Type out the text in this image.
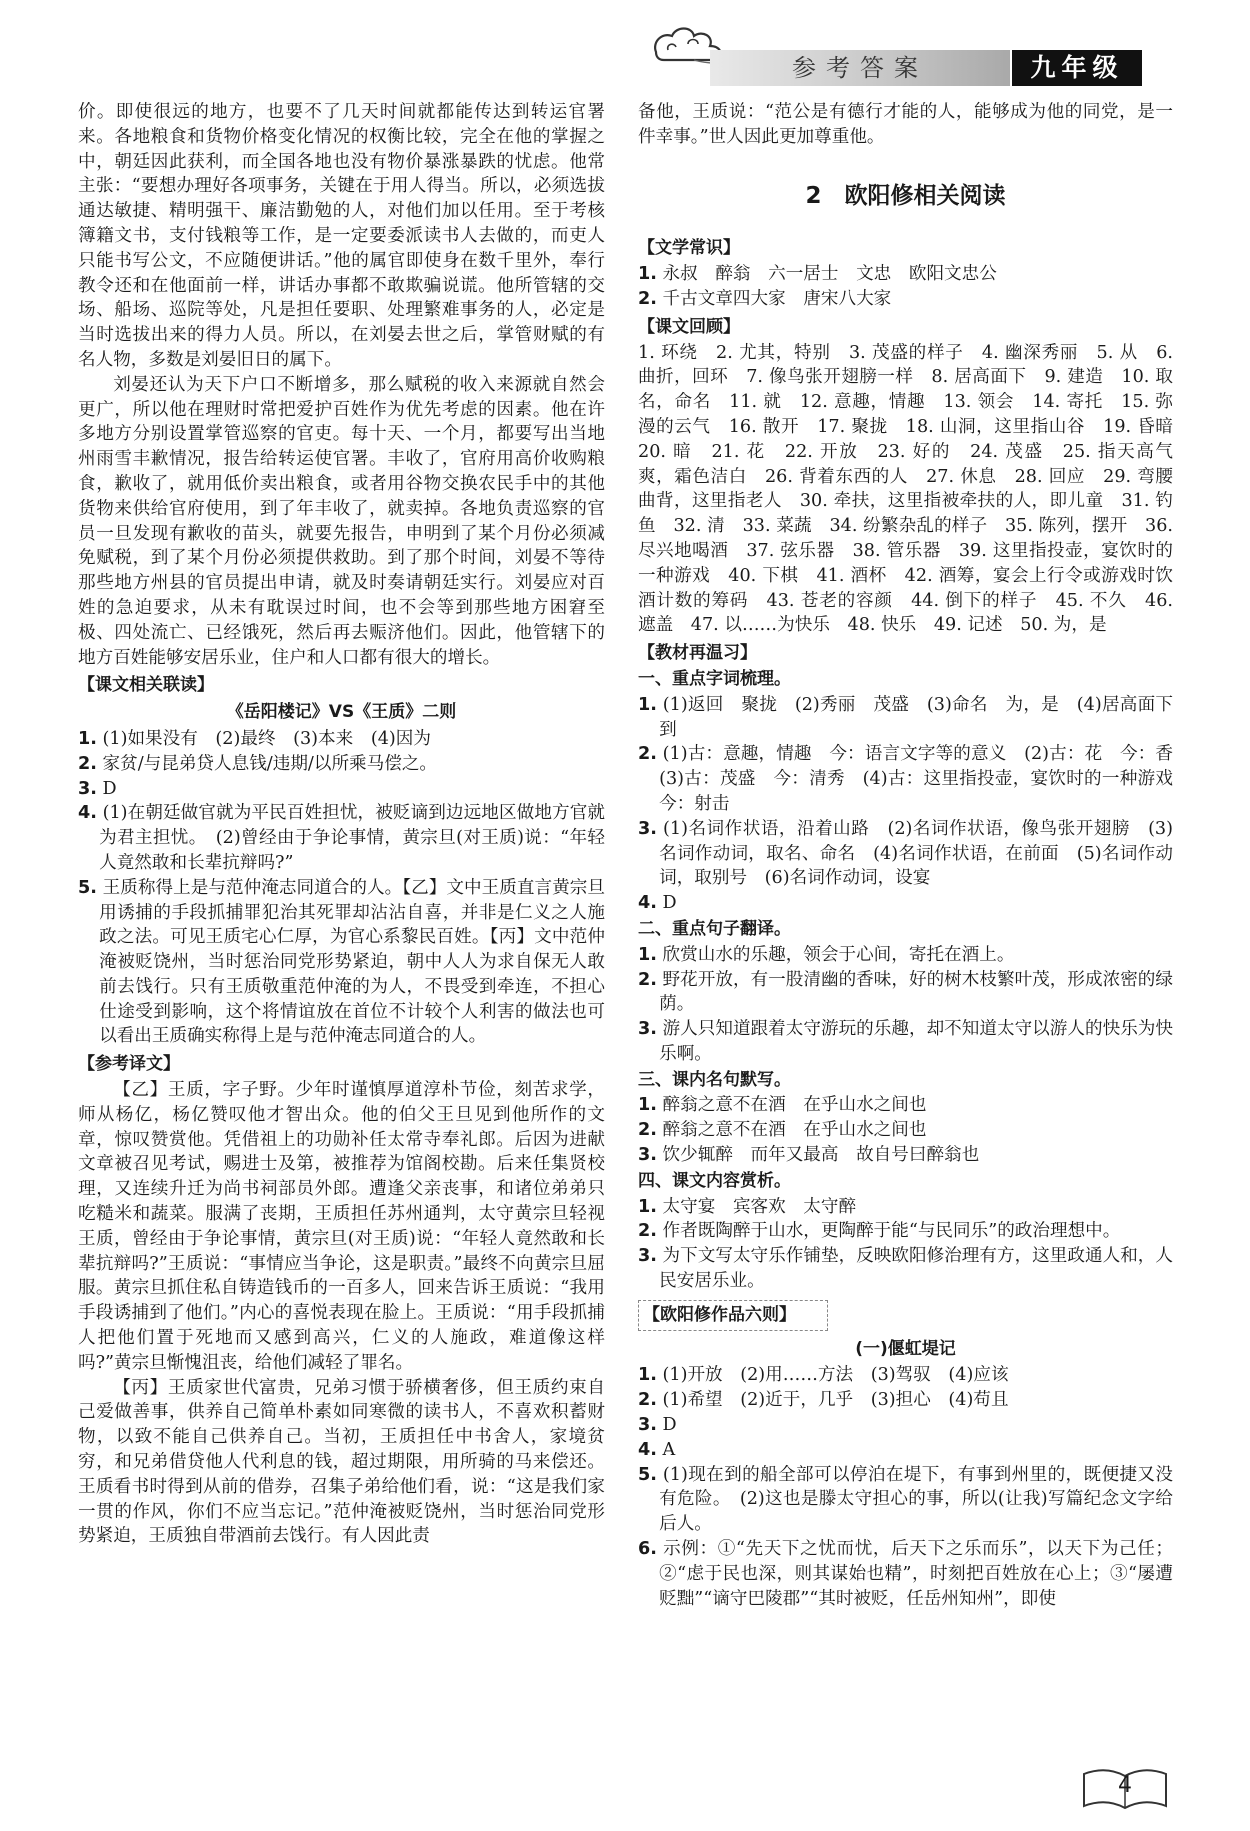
参考答案	九年级

价。即使很远的地方，也要不了几天时间就都能传达到转运官署来。各地粮食和货物价格变化情况的权衡比较，完全在他的掌握之中，朝廷因此获利，而全国各地也没有物价暴涨暴跌的忧虑。他常主张：“要想办理好各项事务，关键在于用人得当。所以，必须选拔通达敏捷、精明强干、廉洁勤勉的人，对他们加以任用。至于考核簿籍文书，支付钱粮等工作，是一定要委派读书人去做的，而吏人只能书写公文，不应随便讲话。”他的属官即使身在数千里外，奉行教令还和在他面前一样，讲话办事都不敢欺骗说谎。他所管辖的交场、船场、巡院等处，凡是担任要职、处理繁难事务的人，必定是当时选拔出来的得力人员。所以，在刘晏去世之后，掌管财赋的有名人物，多数是刘晏旧日的属下。

刘晏还认为天下户口不断增多，那么赋税的收入来源就自然会更广，所以他在理财时常把爱护百姓作为优先考虑的因素。他在许多地方分别设置掌管巡察的官吏。每十天、一个月，都要写出当地州雨雪丰歉情况，报告给转运使官署。丰收了，官府用高价收购粮食，歉收了，就用低价卖出粮食，或者用谷物交换农民手中的其他货物来供给官府使用，到了年丰收了，就卖掉。各地负责巡察的官员一旦发现有歉收的苗头，就要先报告，申明到了某个月份必须减免赋税，到了某个月份必须提供救助。到了那个时间，刘晏不等待那些地方州县的官员提出申请，就及时奏请朝廷实行。刘晏应对百姓的急迫要求，从未有耽误过时间，也不会等到那些地方困窘至极、四处流亡、已经饿死，然后再去赈济他们。因此，他管辖下的地方百姓能够安居乐业，住户和人口都有很大的增长。

【课文相关联读】
《岳阳楼记》VS《王质》二则

1. (1)如果没有　(2)最终　(3)本来　(4)因为

2. 家贫/与昆弟贷人息钱/违期/以所乘马偿之。

3. D

4. (1)在朝廷做官就为平民百姓担忧，被贬谪到边远地区做地方官就为君主担忧。　(2)曾经由于争论事情，黄宗旦(对王质)说：“年轻人竟然敢和长辈抗辩吗?”

5. 王质称得上是与范仲淹志同道合的人。【乙】文中王质直言黄宗旦用诱捕的手段抓捕罪犯治其死罪却沾沾自喜，并非是仁义之人施政之法。可见王质宅心仁厚，为官心系黎民百姓。【丙】文中范仲淹被贬饶州，当时惩治同党形势紧迫，朝中人人为求自保无人敢前去饯行。只有王质敬重范仲淹的为人，不畏受到牵连，不担心仕途受到影响，这个将情谊放在首位不计较个人利害的做法也可以看出王质确实称得上是与范仲淹志同道合的人。

【参考译文】

【乙】王质，字子野。少年时谨慎厚道淳朴节俭，刻苦求学，师从杨亿，杨亿赞叹他才智出众。他的伯父王旦见到他所作的文章，惊叹赞赏他。凭借祖上的功勋补任太常寺奉礼郎。后因为进献文章被召见考试，赐进士及第，被推荐为馆阁校勘。后来任集贤校理，又连续升迁为尚书祠部员外郎。遭逢父亲丧事，和诸位弟弟只吃糙米和蔬菜。服满了丧期，王质担任苏州通判，太守黄宗旦轻视王质，曾经由于争论事情，黄宗旦(对王质)说：“年轻人竟然敢和长辈抗辩吗?”王质说：“事情应当争论，这是职责。”最终不向黄宗旦屈服。黄宗旦抓住私自铸造钱币的一百多人，回来告诉王质说：“我用手段诱捕到了他们。”内心的喜悦表现在脸上。王质说：“用手段抓捕人把他们置于死地而又感到高兴，仁义的人施政，难道像这样吗?”黄宗旦惭愧沮丧，给他们减轻了罪名。

【丙】王质家世代富贵，兄弟习惯于骄横奢侈，但王质约束自己爱做善事，供养自己简单朴素如同寒微的读书人，不喜欢积蓄财物，以致不能自己供养自己。当初，王质担任中书舍人，家境贫穷，和兄弟借贷他人代利息的钱，超过期限，用所骑的马来偿还。王质看书时得到从前的借券，召集子弟给他们看，说：“这是我们家一贯的作风，你们不应当忘记。”范仲淹被贬饶州，当时惩治同党形势紧迫，王质独自带酒前去饯行。有人因此责

备他，王质说：“范公是有德行才能的人，能够成为他的同党，是一件幸事。”世人因此更加尊重他。

2　欧阳修相关阅读
【文学常识】

1. 永叔　醉翁　六一居士　文忠　欧阳文忠公

2. 千古文章四大家　唐宋八大家

【课文回顾】

1. 环绕　2. 尤其，特别　3. 茂盛的样子　4. 幽深秀丽　5. 从　6. 曲折，回环　7. 像鸟张开翅膀一样　8. 居高面下　9. 建造　10. 取名，命名　11. 就　12. 意趣，情趣　13. 领会　14. 寄托　15. 弥漫的云气　16. 散开　17. 聚拢　18. 山洞，这里指山谷　19. 昏暗　20. 暗　21. 花　22. 开放　23. 好的　24. 茂盛　25. 指天高气爽，霜色洁白　26. 背着东西的人　27. 休息　28. 回应　29. 弯腰曲背，这里指老人　30. 牵扶，这里指被牵扶的人，即儿童　31. 钓鱼　32. 清　33. 菜蔬　34. 纷繁杂乱的样子　35. 陈列，摆开　36. 尽兴地喝酒　37. 弦乐器　38. 管乐器　39. 这里指投壶，宴饮时的一种游戏　40. 下棋　41. 酒杯　42. 酒筹，宴会上行令或游戏时饮酒计数的筹码　43. 苍老的容颜　44. 倒下的样子　45. 不久　46. 遮盖　47. 以……为快乐　48. 快乐　49. 记述　50. 为，是

【教材再温习】
一、重点字词梳理。

1. (1)返回　聚拢　(2)秀丽　茂盛　(3)命名　为，是　(4)居高面下　到

2. (1)古：意趣，情趣　今：语言文字等的意义　(2)古：花　今：香　(3)古：茂盛　今：清秀　(4)古：这里指投壶，宴饮时的一种游戏　今：射击

3. (1)名词作状语，沿着山路　(2)名词作状语，像鸟张开翅膀　(3)名词作动词，取名、命名　(4)名词作状语，在前面　(5)名词作动词，取别号　(6)名词作动词，设宴

4. D

二、重点句子翻译。

1. 欣赏山水的乐趣，领会于心间，寄托在酒上。

2. 野花开放，有一股清幽的香味，好的树木枝繁叶茂，形成浓密的绿荫。

3. 游人只知道跟着太守游玩的乐趣，却不知道太守以游人的快乐为快乐啊。

三、课内名句默写。

1. 醉翁之意不在酒　在乎山水之间也

2. 醉翁之意不在酒　在乎山水之间也

3. 饮少辄醉　而年又最高　故自号曰醉翁也

四、课文内容赏析。

1. 太守宴　宾客欢　太守醉

2. 作者既陶醉于山水，更陶醉于能“与民同乐”的政治理想中。

3. 为下文写太守乐作铺垫，反映欧阳修治理有方，这里政通人和，人民安居乐业。

【欧阳修作品六则】
(一)偃虹堤记

1. (1)开放　(2)用……方法　(3)驾驭　(4)应该

2. (1)希望　(2)近于，几乎　(3)担心　(4)苟且

3. D

4. A

5. (1)现在到的船全部可以停泊在堤下，有事到州里的，既便捷又没有危险。　(2)这也是滕太守担心的事，所以(让我)写篇纪念文字给后人。

6. 示例：①“先天下之忧而忧，后天下之乐而乐”，以天下为己任；②“虑于民也深，则其谋始也精”，时刻把百姓放在心上；③“屡遭贬黜”“谪守巴陵郡”“其时被贬，任岳州知州”，即使

4
